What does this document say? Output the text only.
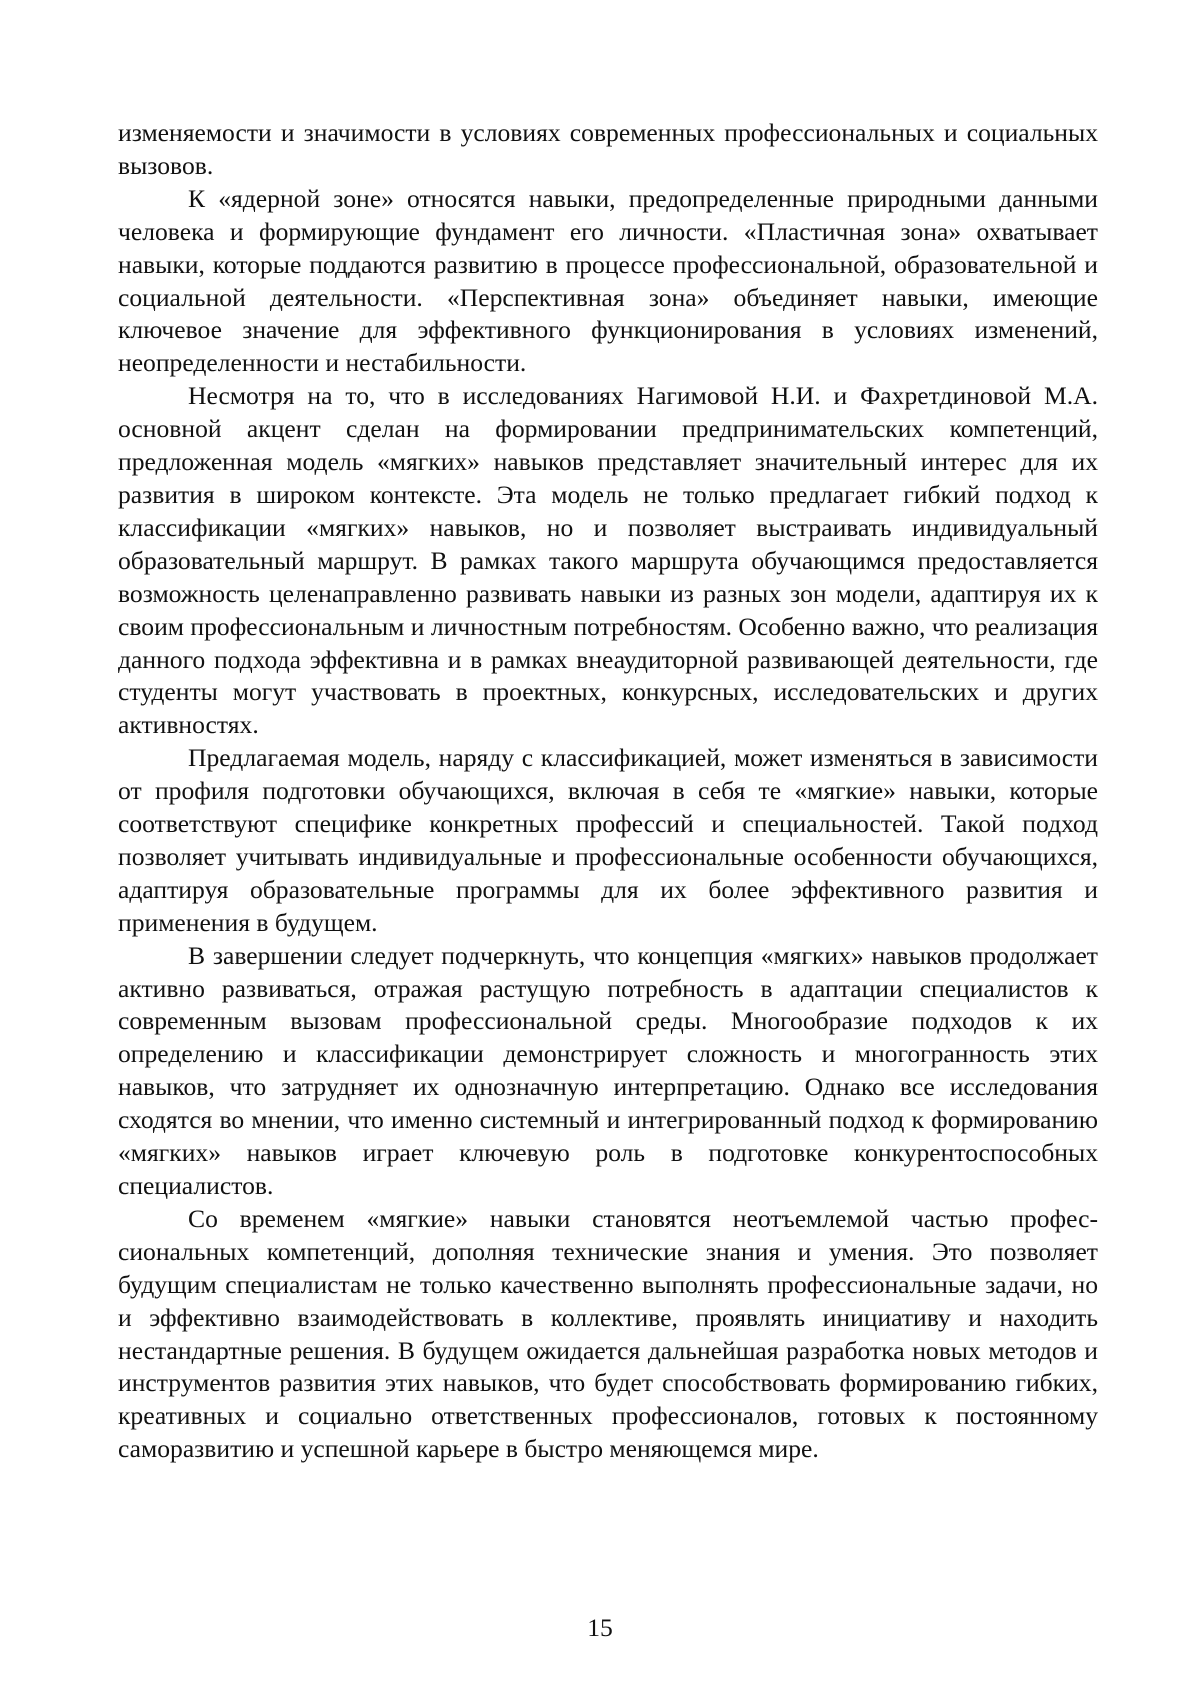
изменяемости и значимости в условиях современных профессиональных и социальных вызовов.

К «ядерной зоне» относятся навыки, предопределенные природными данными человека и формирующие фундамент его личности. «Пластичная зона» охватывает навыки, которые поддаются развитию в процессе профессиональной, образовательной и социальной деятельности. «Перспективная зона» объединяет навыки, имеющие ключевое значение для эффективного функционирования в условиях изменений, неопределенности и нестабильности.

Несмотря на то, что в исследованиях Нагимовой Н.И. и Фахретдиновой М.А. основной акцент сделан на формировании предпринимательских компетенций, предложенная модель «мягких» навыков представляет значительный интерес для их развития в широком контексте. Эта модель не только предлагает гибкий подход к классификации «мягких» навыков, но и позволяет выстраивать индивидуальный образовательный маршрут. В рамках такого маршрута обучающимся предоставляется возможность целенаправленно развивать навыки из разных зон модели, адаптируя их к своим профессиональным и личностным потребностям. Особенно важно, что реализация данного подхода эффективна и в рамках внеаудиторной развивающей деятельности, где студенты могут участвовать в проектных, конкурсных, исследовательских и других активностях.

Предлагаемая модель, наряду с классификацией, может изменяться в зависимости от профиля подготовки обучающихся, включая в себя те «мягкие» навыки, которые соответствуют специфике конкретных профессий и специальностей. Такой подход позволяет учитывать индивидуальные и профессиональные особенности обучающихся, адаптируя образовательные программы для их более эффективного развития и применения в будущем.

В завершении следует подчеркнуть, что концепция «мягких» навыков продолжает активно развиваться, отражая растущую потребность в адаптации специалистов к современным вызовам профессиональной среды. Многообразие подходов к их определению и классификации демонстрирует сложность и многогранность этих навыков, что затрудняет их однозначную интерпретацию. Однако все исследования сходятся во мнении, что именно системный и интегрированный подход к формированию «мягких» навыков играет ключевую роль в подготовке конкурентоспособных специалистов.

Со временем «мягкие» навыки становятся неотъемлемой частью профессиональных компетенций, дополняя технические знания и умения. Это позволяет будущим специалистам не только качественно выполнять профессиональные задачи, но и эффективно взаимодействовать в коллективе, проявлять инициативу и находить нестандартные решения. В будущем ожидается дальнейшая разработка новых методов и инструментов развития этих навыков, что будет способствовать формированию гибких, креативных и социально ответственных профессионалов, готовых к постоянному саморазвитию и успешной карьере в быстро меняющемся мире.

15
